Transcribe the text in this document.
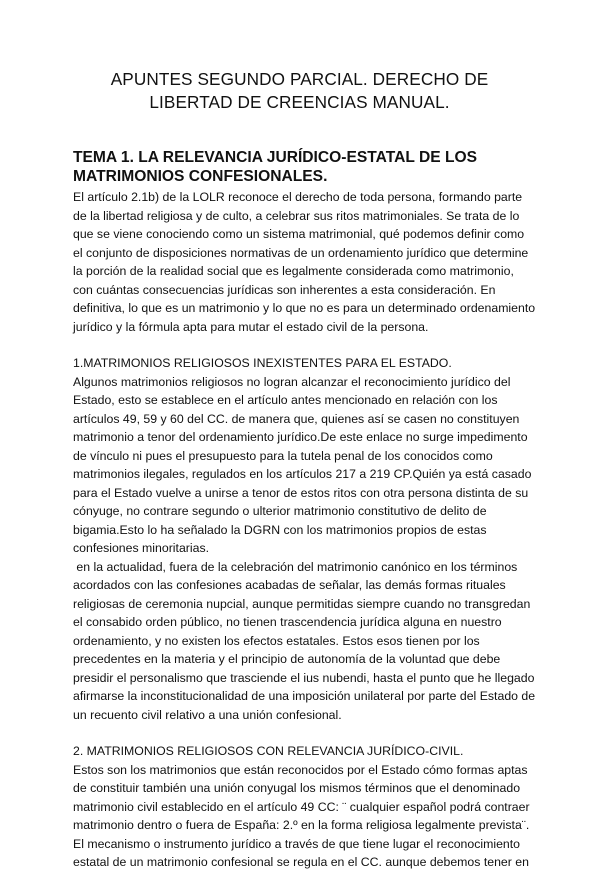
APUNTES SEGUNDO PARCIAL. DERECHO DE
LIBERTAD DE CREENCIAS MANUAL.
TEMA 1. LA RELEVANCIA JURÍDICO-ESTATAL DE LOS
MATRIMONIOS CONFESIONALES.

El artículo 2.1b) de la LOLR reconoce el derecho de toda persona, formando parte
de la libertad religiosa y de culto, a celebrar sus ritos matrimoniales. Se trata de lo
que se viene conociendo como un sistema matrimonial, qué podemos definir como
el conjunto de disposiciones normativas de un ordenamiento jurídico que determine
la porción de la realidad social que es legalmente considerada como matrimonio,
con cuántas consecuencias jurídicas son inherentes a esta consideración. En
definitiva, lo que es un matrimonio y lo que no es para un determinado ordenamiento
jurídico y la fórmula apta para mutar el estado civil de la persona.

1.MATRIMONIOS RELIGIOSOS INEXISTENTES PARA EL ESTADO.
Algunos matrimonios religiosos no logran alcanzar el reconocimiento jurídico del
Estado, esto se establece en el artículo antes mencionado en relación con los
artículos 49, 59 y 60 del CC. de manera que, quienes así se casen no constituyen
matrimonio a tenor del ordenamiento jurídico.De este enlace no surge impedimento
de vínculo ni pues el presupuesto para la tutela penal de los conocidos como
matrimonios ilegales, regulados en los artículos 217 a 219 CP.Quién ya está casado
para el Estado vuelve a unirse a tenor de estos ritos con otra persona distinta de su
cónyuge, no contrare segundo o ulterior matrimonio constitutivo de delito de
bigamia.Esto lo ha señalado la DGRN con los matrimonios propios de estas
confesiones minoritarias.
en la actualidad, fuera de la celebración del matrimonio canónico en los términos
acordados con las confesiones acabadas de señalar, las demás formas rituales
religiosas de ceremonia nupcial, aunque permitidas siempre cuando no transgredan
el consabido orden público, no tienen trascendencia jurídica alguna en nuestro
ordenamiento, y no existen los efectos estatales. Estos esos tienen por los
precedentes en la materia y el principio de autonomía de la voluntad que debe
presidir el personalismo que trasciende el ius nubendi, hasta el punto que he llegado
afirmarse la inconstitucionalidad de una imposición unilateral por parte del Estado de
un recuento civil relativo a una unión confesional.

2. MATRIMONIOS RELIGIOSOS CON RELEVANCIA JURÍDICO-CIVIL.
Estos son los matrimonios que están reconocidos por el Estado cómo formas aptas
de constituir también una unión conyugal los mismos términos que el denominado
matrimonio civil establecido en el artículo 49 CC: ¨ cualquier español podrá contraer
matrimonio dentro o fuera de España: 2.º en la forma religiosa legalmente prevista¨.
El mecanismo o instrumento jurídico a través de que tiene lugar el reconocimiento
estatal de un matrimonio confesional se regula en el CC. aunque debemos tener en
